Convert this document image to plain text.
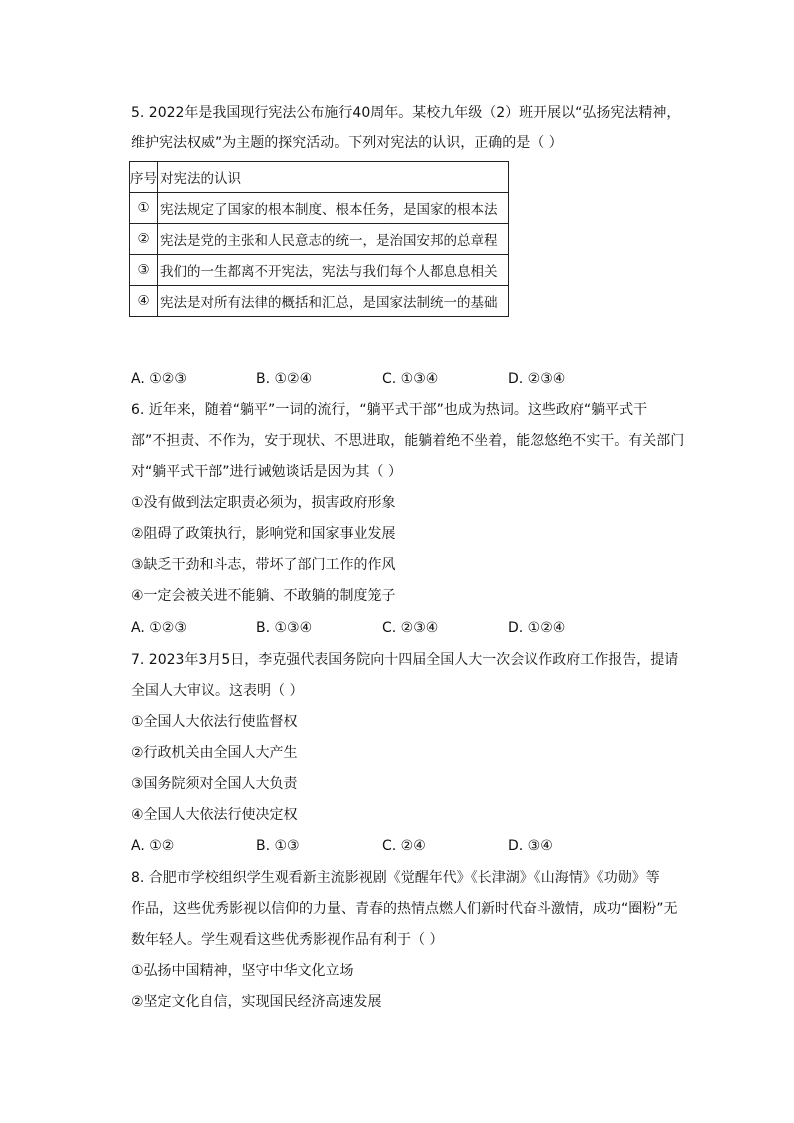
5. 2022年是我国现行宪法公布施行40周年。某校九年级（2）班开展以“弘扬宪法精神，
维护宪法权威”为主题的探究活动。下列对宪法的认识，正确的是（ ）
序号	对宪法的认识
①	宪法规定了国家的根本制度、根本任务，是国家的根本法
②	宪法是党的主张和人民意志的统一，是治国安邦的总章程
③	我们的一生都离不开宪法，宪法与我们每个人都息息相关
④	宪法是对所有法律的概括和汇总，是国家法制统一的基础
A. ①②③	B. ①②④	C. ①③④	D. ②③④
6. 近年来，随着“躺平”一词的流行，“躺平式干部”也成为热词。这些政府“躺平式干
部”不担责、不作为，安于现状、不思进取，能躺着绝不坐着，能忽悠绝不实干。有关部门
对“躺平式干部”进行诫勉谈话是因为其（ ）
①没有做到法定职责必须为，损害政府形象
②阻碍了政策执行，影响党和国家事业发展
③缺乏干劲和斗志，带坏了部门工作的作风
④一定会被关进不能躺、不敢躺的制度笼子
A. ①②③	B. ①③④	C. ②③④	D. ①②④
7. 2023年3月5日，李克强代表国务院向十四届全国人大一次会议作政府工作报告，提请
全国人大审议。这表明（ ）
①全国人大依法行使监督权
②行政机关由全国人大产生
③国务院须对全国人大负责
④全国人大依法行使决定权
A. ①②	B. ①③	C. ②④	D. ③④
8. 合肥市学校组织学生观看新主流影视剧《觉醒年代》《长津湖》《山海情》《功勋》等
作品，这些优秀影视以信仰的力量、青春的热情点燃人们新时代奋斗激情，成功“圈粉”无
数年轻人。学生观看这些优秀影视作品有利于（ ）
①弘扬中国精神，坚守中华文化立场
②坚定文化自信，实现国民经济高速发展
